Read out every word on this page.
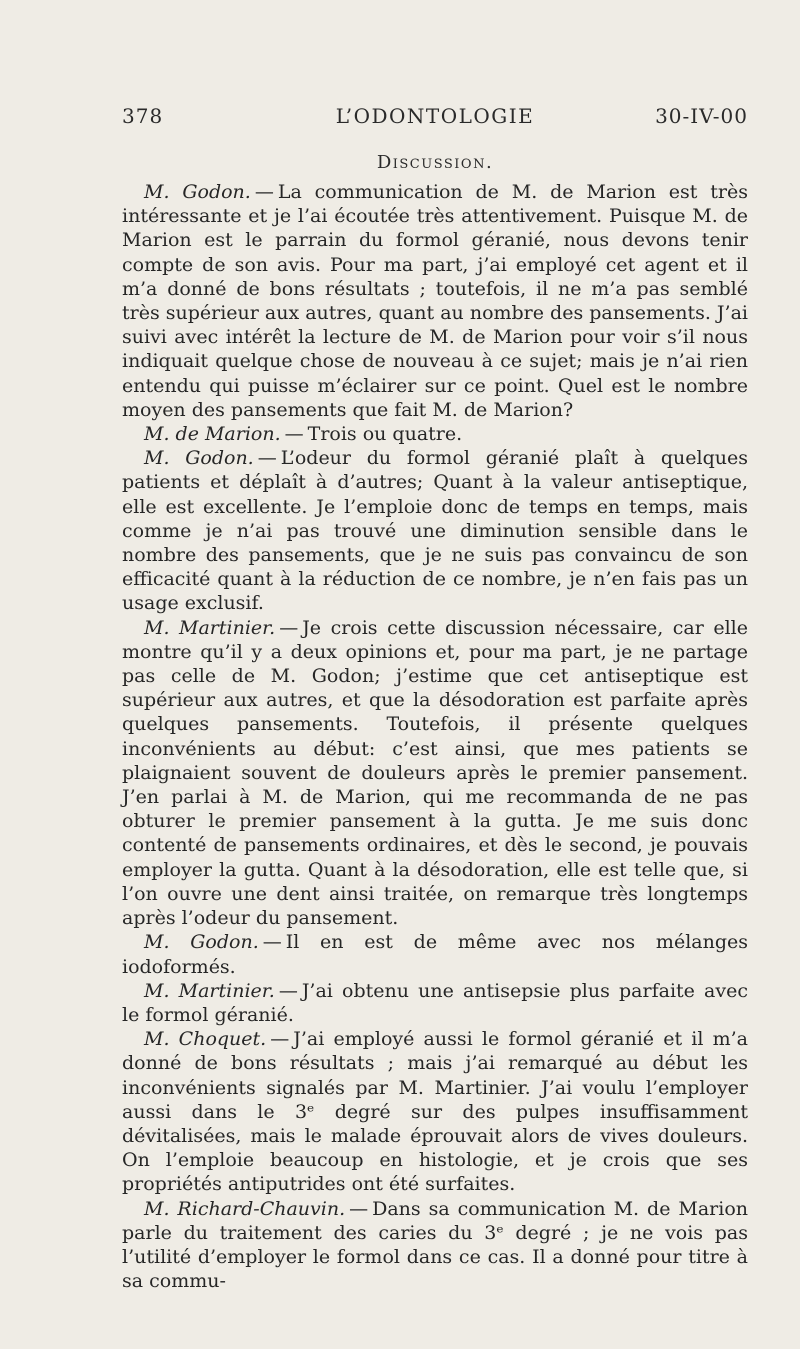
378	L’ODONTOLOGIE	30-IV-00
Discussion.

M. Godon. — La communication de M. de Marion est très intéressante et je l’ai écoutée très attentivement. Puisque M. de Marion est le parrain du formol géranié, nous devons tenir compte de son avis. Pour ma part, j’ai employé cet agent et il m’a donné de bons résultats ; toutefois, il ne m’a pas semblé très supérieur aux autres, quant au nombre des pansements. J’ai suivi avec intérêt la lecture de M. de Marion pour voir s’il nous indiquait quelque chose de nouveau à ce sujet; mais je n’ai rien entendu qui puisse m’éclairer sur ce point. Quel est le nombre moyen des pansements que fait M. de Marion?

M. de Marion. — Trois ou quatre.

M. Godon. — L’odeur du formol géranié plaît à quelques patients et déplaît à d’autres; Quant à la valeur antiseptique, elle est excellente. Je l’emploie donc de temps en temps, mais comme je n’ai pas trouvé une diminution sensible dans le nombre des pansements, que je ne suis pas convaincu de son efficacité quant à la réduction de ce nombre, je n’en fais pas un usage exclusif.

M. Martinier. — Je crois cette discussion nécessaire, car elle montre qu’il y a deux opinions et, pour ma part, je ne partage pas celle de M. Godon; j’estime que cet antiseptique est supérieur aux autres, et que la désodoration est parfaite après quelques pansements. Toutefois, il présente quelques inconvénients au début: c’est ainsi, que mes patients se plaignaient souvent de douleurs après le premier pansement. J’en parlai à M. de Marion, qui me recommanda de ne pas obturer le premier pansement à la gutta. Je me suis donc contenté de pansements ordinaires, et dès le second, je pouvais employer la gutta. Quant à la désodoration, elle est telle que, si l’on ouvre une dent ainsi traitée, on remarque très longtemps après l’odeur du pansement.

M. Godon. — Il en est de même avec nos mélanges iodoformés.

M. Martinier. — J’ai obtenu une antisepsie plus parfaite avec le formol géranié.

M. Choquet. — J’ai employé aussi le formol géranié et il m’a donné de bons résultats ; mais j’ai remarqué au début les inconvénients signalés par M. Martinier. J’ai voulu l’employer aussi dans le 3ᵉ degré sur des pulpes insuffisamment dévitalisées, mais le malade éprouvait alors de vives douleurs. On l’emploie beaucoup en histologie, et je crois que ses propriétés antiputrides ont été surfaites.

M. Richard-Chauvin. — Dans sa communication M. de Marion parle du traitement des caries du 3ᵉ degré ; je ne vois pas l’utilité d’employer le formol dans ce cas. Il a donné pour titre à sa commu-
